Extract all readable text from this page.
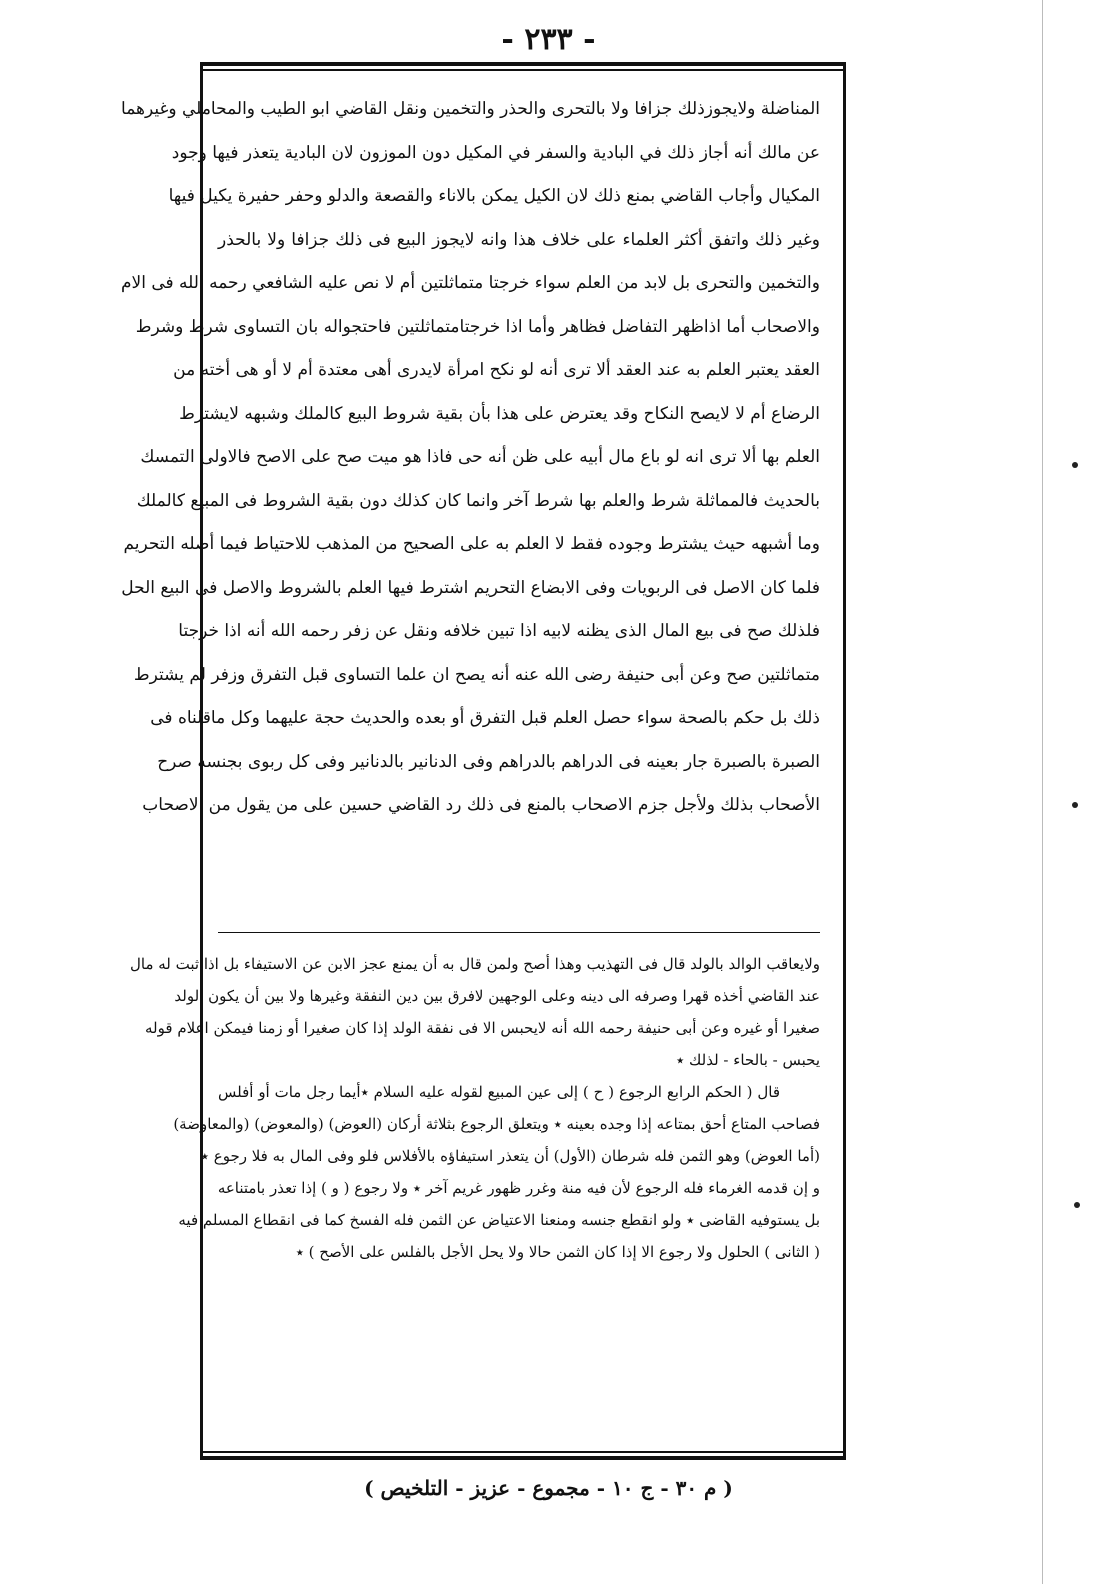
- ٢٣٣ -
المناضلة ولايجوزذلك جزافا ولا بالتحرى والحذر والتخمين ونقل القاضي ابو الطيب والمحاملي وغيرهما
عن مالك أنه أجاز ذلك في البادية والسفر في المكيل دون الموزون لان البادية يتعذر فيها وجود
المكيال وأجاب القاضي بمنع ذلك لان الكيل يمكن بالاناء والقصعة والدلو وحفر حفيرة يكيل فيها
وغير ذلك واتفق أكثر العلماء على خلاف هذا وانه لايجوز البيع فى ذلك جزافا ولا بالحذر
والتخمين والتحرى بل لابد من العلم سواء خرجتا متماثلتين أم لا نص عليه الشافعي رحمه الله فى الام
والاصحاب أما اذاظهر التفاضل فظاهر وأما اذا خرجتامتماثلتين فاحتجواله بان التساوى شرط وشرط
العقد يعتبر العلم به عند العقد ألا ترى أنه لو نكح امرأة لايدرى أهى معتدة أم لا أو هى أخته من
الرضاع أم لا لايصح النكاح وقد يعترض على هذا بأن بقية شروط البيع كالملك وشبهه لايشترط
العلم بها ألا ترى انه لو باع مال أبيه على ظن أنه حى فاذا هو ميت صح على الاصح فالاولى التمسك
بالحديث فالمماثلة شرط والعلم بها شرط آخر وانما كان كذلك دون بقية الشروط فى المبيع كالملك
وما أشبهه حيث يشترط وجوده فقط لا العلم به على الصحيح من المذهب للاحتياط فيما أصله التحريم
فلما كان الاصل فى الربويات وفى الابضاع التحريم اشترط فيها العلم بالشروط والاصل فى البيع الحل
فلذلك صح فى بيع المال الذى يظنه لابيه اذا تبين خلافه ونقل عن زفر رحمه الله أنه اذا خرجتا
متماثلتين صح وعن أبى حنيفة رضى الله عنه أنه يصح ان علما التساوى قبل التفرق وزفر لم يشترط
ذلك بل حكم بالصحة سواء حصل العلم قبل التفرق أو بعده والحديث حجة عليهما وكل ماقلناه فى
الصبرة بالصبرة جار بعينه فى الدراهم بالدراهم وفى الدنانير بالدنانير وفى كل ربوى بجنسه صرح
الأصحاب بذلك ولأجل جزم الاصحاب بالمنع فى ذلك رد القاضي حسين على من يقول من الاصحاب
ولايعاقب الوالد بالولد قال فى التهذيب وهذا أصح ولمن قال به أن يمنع عجز الابن عن الاستيفاء بل اذا ثبت له مال
عند القاضي أخذه قهرا وصرفه الى دينه وعلى الوجهين لافرق بين دين النفقة وغيرها ولا بين أن يكون الولد
صغيرا أو غيره وعن أبى حنيفة رحمه الله أنه لايحبس الا فى نفقة الولد إذا كان صغيرا أو زمنا فيمكن اعلام قوله
يحبس - بالحاء - لذلك ٭
قال ( الحكم الرابع الرجوع ( ح ) إلى عين المبيع لقوله عليه السلام ٭أيما رجل مات أو أفلس
فصاحب المتاع أحق بمتاعه إذا وجده بعينه ٭ ويتعلق الرجوع بثلاثة أركان (العوض) (والمعوض) (والمعاوضة)
(أما العوض) وهو الثمن فله شرطان (الأول) أن يتعذر استيفاؤه بالأفلاس فلو وفى المال به فلا رجوع ٭
و إن قدمه الغرماء فله الرجوع لأن فيه منة وغرر ظهور غريم آخر ٭ ولا رجوع ( و ) إذا تعذر بامتناعه
بل يستوفيه القاضى ٭ ولو انقطع جنسه ومنعنا الاعتياض عن الثمن فله الفسخ كما فى انقطاع المسلم فيه
( الثانى ) الحلول ولا رجوع الا إذا كان الثمن حالا ولا يحل الأجل بالفلس على الأصح ) ٭
( م ٣٠ - ج ١٠ - مجموع - عزيز - التلخيص )
